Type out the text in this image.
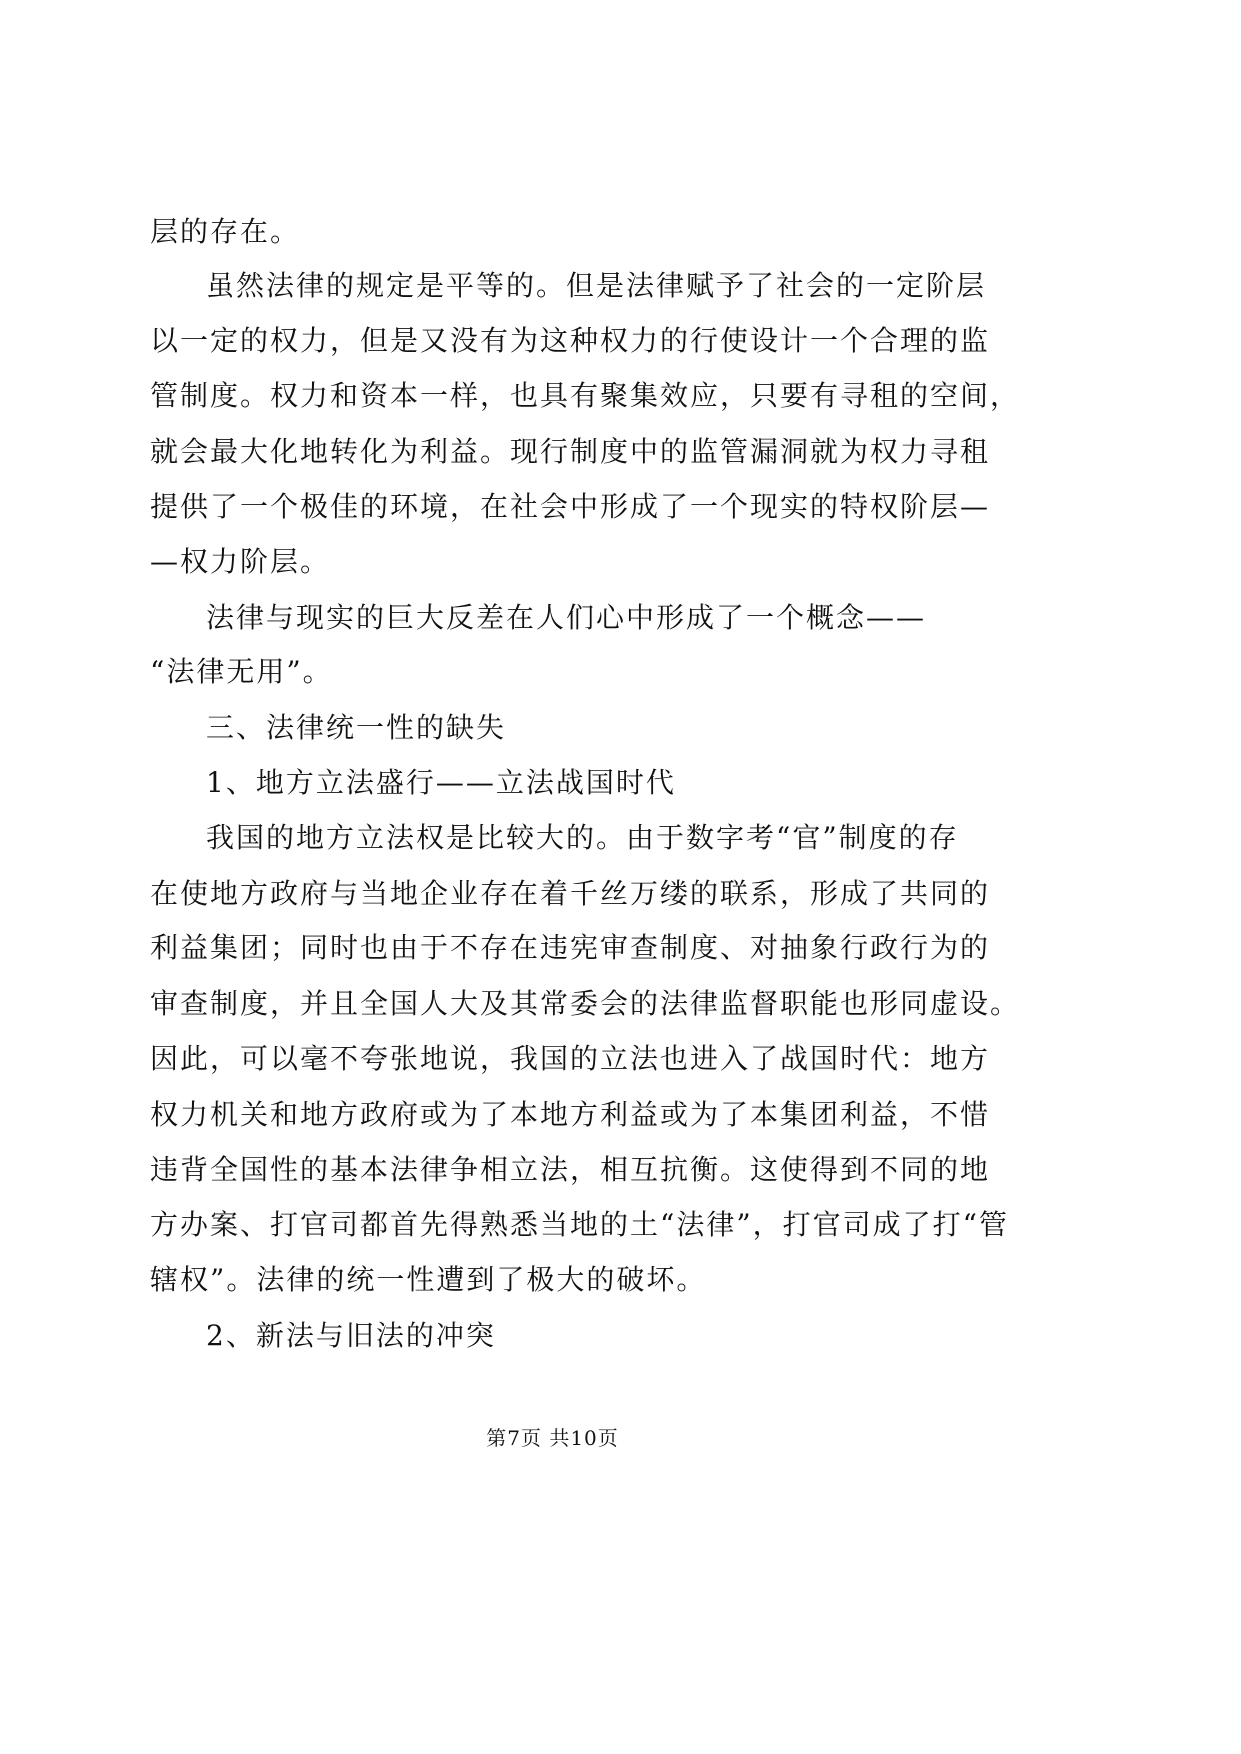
层的存在。
虽然法律的规定是平等的。但是法律赋予了社会的一定阶层
以一定的权力，但是又没有为这种权力的行使设计一个合理的监
管制度。权力和资本一样，也具有聚集效应，只要有寻租的空间，
就会最大化地转化为利益。现行制度中的监管漏洞就为权力寻租
提供了一个极佳的环境，在社会中形成了一个现实的特权阶层—
—权力阶层。
法律与现实的巨大反差在人们心中形成了一个概念——
“法律无用”。
三、法律统一性的缺失
1、地方立法盛行——立法战国时代
我国的地方立法权是比较大的。由于数字考“官”制度的存
在使地方政府与当地企业存在着千丝万缕的联系，形成了共同的
利益集团；同时也由于不存在违宪审查制度、对抽象行政行为的
审查制度，并且全国人大及其常委会的法律监督职能也形同虚设。
因此，可以毫不夸张地说，我国的立法也进入了战国时代：地方
权力机关和地方政府或为了本地方利益或为了本集团利益，不惜
违背全国性的基本法律争相立法，相互抗衡。这使得到不同的地
方办案、打官司都首先得熟悉当地的土“法律”，打官司成了打“管
辖权”。法律的统一性遭到了极大的破坏。
2、新法与旧法的冲突
第7页 共10页
